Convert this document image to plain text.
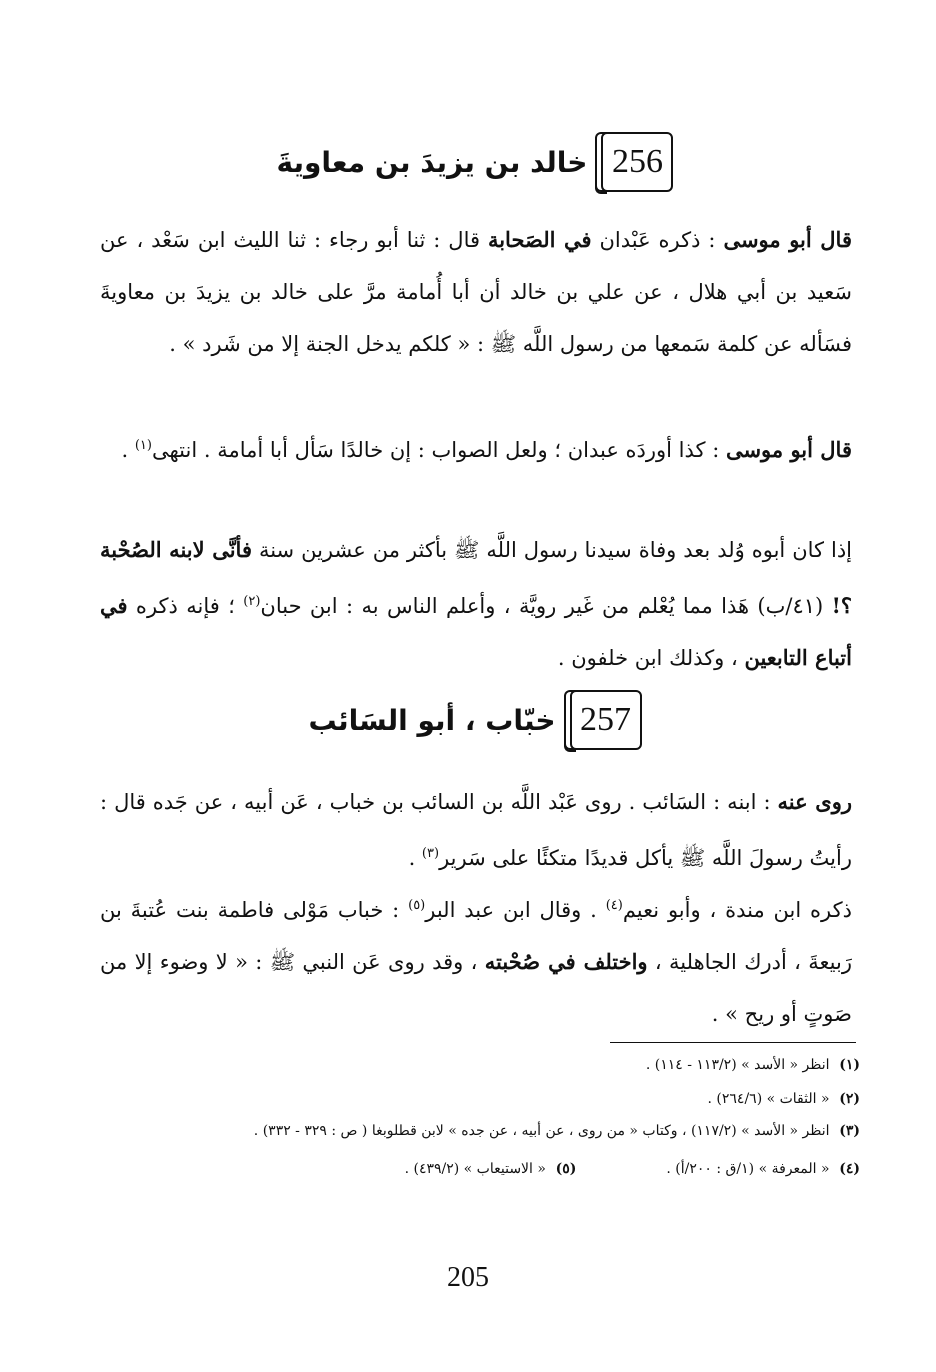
256
خالد بن يزيدَ بن معاويةَ
قال أبو موسى : ذكره عَبْدان في الصَحابة قال : ثنا أبو رجاء : ثنا الليث ابن سَعْد ، عن سَعيد بن أبي هلال ، عن علي بن خالد أن أبا أُمامة مرَّ على خالد بن يزيدَ بن معاويةَ فسَأله عن كلمة سَمعها من رسول اللَّه ﷺ : « كلكم يدخل الجنة إلا من شَرد » .
قال أبو موسى : كذا أوردَه عبدان ؛ ولعل الصواب : إن خالدًا سَأل أبا أمامة . انتهى$^{(١)}$ .
إذا كان أبوه وُلد بعد وفاة سيدنا رسول اللَّه ﷺ بأكثر من عشرين سنة فأنَّى لابنه الصُحْبة ؟! (٤١/ب) هَذا مما يُعْلم من غَير رويَّة ، وأعلم الناس به : ابن حبان$^{(٢)}$ ؛ فإنه ذكره في أتباع التابعين ، وكذلك ابن خلفون .
257
خبّاب ، أبو السَائب
روى عنه : ابنه : السَائب . روى عَبْد اللَّه بن السائب بن خباب ، عَن أبيه ، عن جَده قال : رأيتُ رسولَ اللَّه ﷺ يأكل قديدًا متكئًا على سَرير$^{(٣)}$ .
ذكره ابن مندة ، وأبو نعيم$^{(٤)}$ . وقال ابن عبد البر$^{(٥)}$ : خباب مَوْلى فاطمة بنت عُتبةَ بن رَبيعةَ ، أدرك الجاهلية ، واختلف في صُحْبته ، وقد روى عَن النبي ﷺ : « لا وضوء إلا من صَوتٍ أو ريح » .
(١) انظر « الأسد » (١١٣/٢ - ١١٤) .
(٢) « الثقات » (٢٦٤/٦) .
(٣) انظر « الأسد » (١١٧/٢) ، وكتاب « من روى ، عن أبيه ، عن جده » لابن قطلوبغا ( ص : ٣٢٩ - ٣٣٢) .
(٤) « المعرفة » (١/ق : ٢٠٠/أ) .
(٥) « الاستيعاب » (٤٣٩/٢) .
205
